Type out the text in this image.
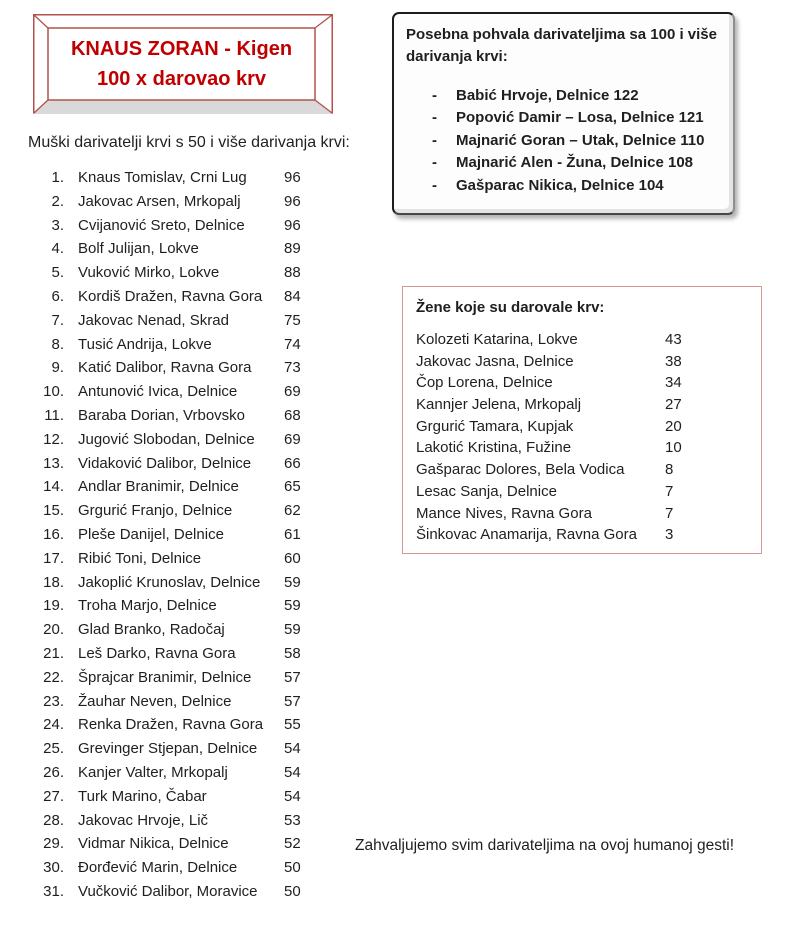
KNAUS ZORAN - Kigen
100 x darovao krv
Posebna pohvala darivateljima sa 100 i više
darivanja krvi:
-	Babić Hrvoje, Delnice 122
-	Popović Damir – Losa, Delnice 121
-	Majnarić Goran – Utak, Delnice 110
-	Majnarić Alen - Žuna, Delnice 108
-	Gašparac Nikica, Delnice 104
Muški darivatelji krvi s 50 i više darivanja krvi:
1. Knaus Tomislav, Crni Lug 96
2. Jakovac Arsen, Mrkopalj	96
3. Cvijanović Sreto, Delnice	96
4. Bolf Julijan, Lokve	89
5. Vuković Mirko, Lokve	88
6. Kordiš Dražen, Ravna Gora 84
7. Jakovac Nenad, Skrad	75
8. Tusić Andrija, Lokve	74
9. Katić Dalibor, Ravna Gora 73
10. Antunović Ivica, Delnice	69
11. Baraba Dorian, Vrbovsko	68
12. Jugović Slobodan, Delnice 69
13. Vidaković Dalibor, Delnice 66
14. Andlar Branimir, Delnice	65
15. Grgurić Franjo, Delnice	62
16. Pleše Danijel, Delnice	61
17. Ribić Toni, Delnice	60
18. Jakoplić Krunoslav, Delnice 59
19. Troha Marjo, Delnice	59
20. Glad Branko, Radočaj	59
21. Leš Darko, Ravna Gora	58
22. Šprajcar Branimir, Delnice 57
23. Žauhar Neven, Delnice	57
24. Renka Dražen, Ravna Gora 55
25. Grevinger Stjepan, Delnice 54
26. Kanjer Valter, Mrkopalj	54
27. Turk Marino, Čabar	54
28. Jakovac Hrvoje, Lič	53
29. Vidmar Nikica, Delnice	52
30. Đorđević Marin, Delnice	50
31. Vučković Dalibor, Moravice 50
Žene koje su darovale krv:
Kolozeti Katarina, Lokve	43
Jakovac Jasna, Delnice	38
Čop Lorena, Delnice	34
Kannjer Jelena, Mrkopalj	27
Grgurić Tamara, Kupjak	20
Lakotić Kristina, Fužine	10
Gašparac Dolores, Bela Vodica	8
Lesac Sanja, Delnice	7
Mance Nives, Ravna Gora	7
Šinkovac Anamarija, Ravna Gora 3
Zahvaljujemo svim darivateljima na ovoj humanoj gesti!
